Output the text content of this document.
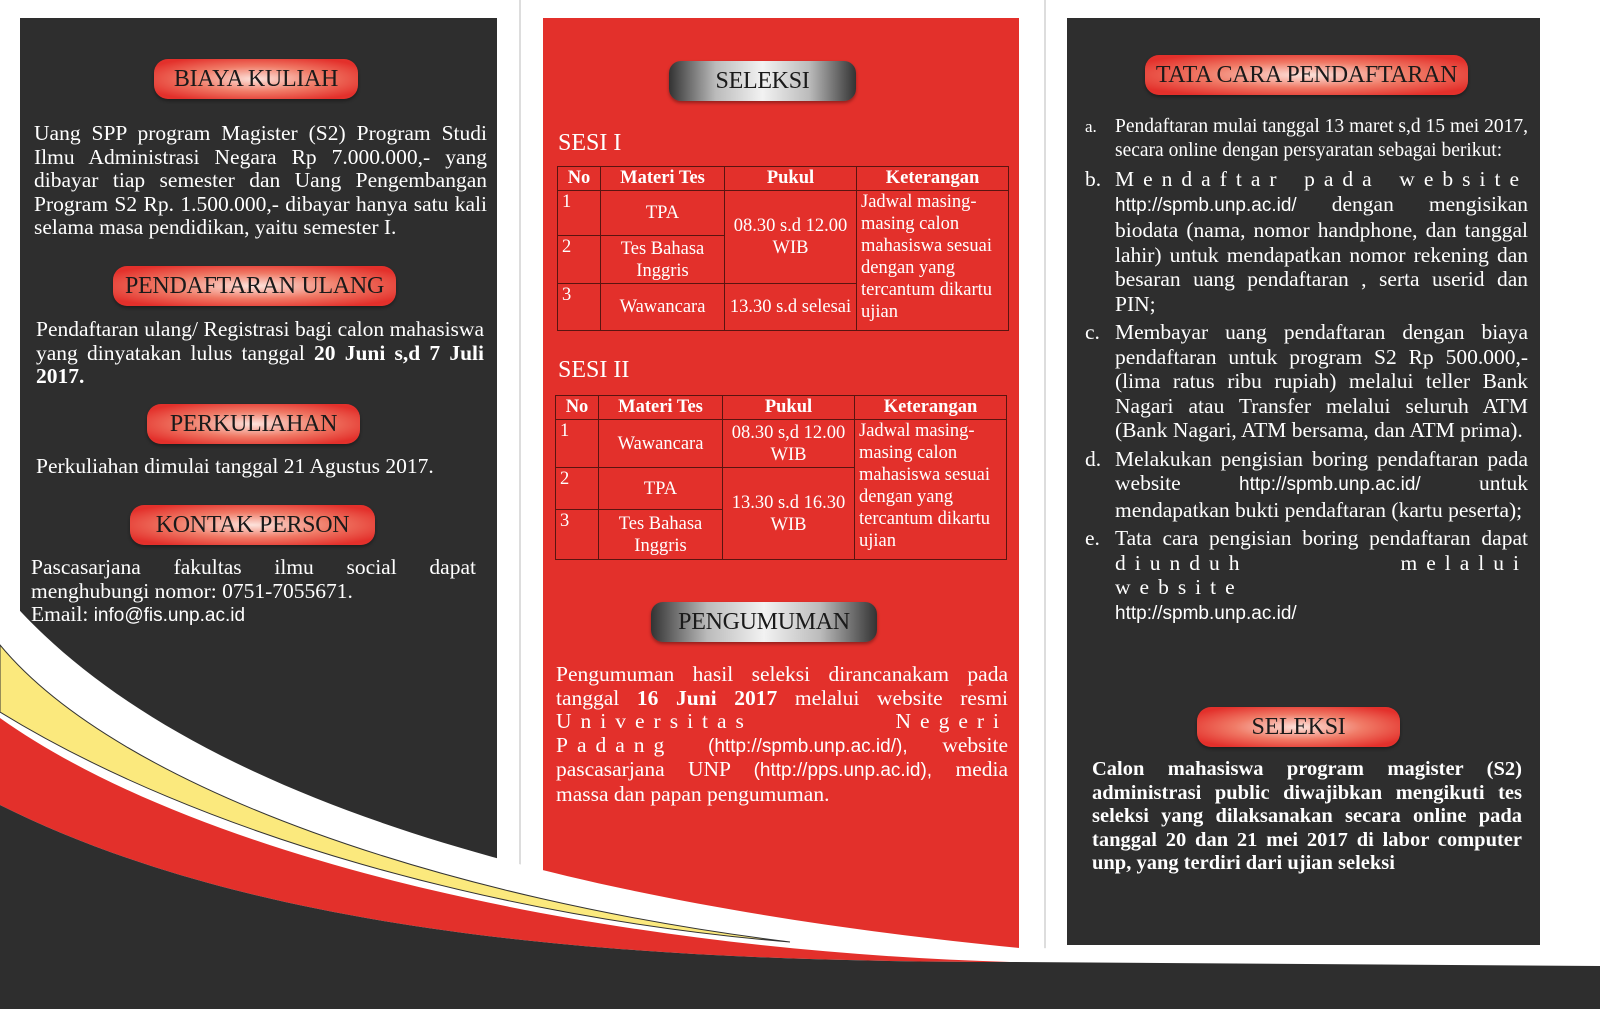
BIAYA KULIAH
Uang SPP program Magister (S2) Program Studi Ilmu Administrasi Negara Rp 7.000.000,- yang dibayar tiap semester dan Uang Pengembangan Program S2 Rp. 1.500.000,- dibayar hanya satu kali selama masa pendidikan, yaitu semester I.
PENDAFTARAN ULANG
Pendaftaran ulang/ Registrasi bagi calon mahasiswa yang dinyatakan lulus tanggal 20 Juni s,d 7 Juli 2017.
PERKULIAHAN
Perkuliahan dimulai tanggal 21 Agustus 2017.
KONTAK PERSON
Pascasarjana fakultas ilmu social dapat menghubungi nomor: 0751-7055671.
Email: info@fis.unp.ac.id
SELEKSI
SESI I
No	Materi Tes	Pukul	Keterangan
1	TPA	08.30 s.d 12.00 WIB	Jadwal masing-masing calon mahasiswa sesuai dengan yang tercantum dikartu ujian
2	Tes Bahasa Inggris		
3	Wawancara	13.30 s.d selesai	
SESI II
No	Materi Tes	Pukul	Keterangan
1	Wawancara	08.30 s,d 12.00 WIB	Jadwal masing-masing calon mahasiswa sesuai dengan yang tercantum dikartu ujian
2	TPA	13.30 s.d 16.30 WIB	
3	Tes Bahasa Inggris		
PENGUMUMAN
Pengumuman hasil seleksi dirancanakam pada tanggal 16 Juni 2017 melalui website resmi Universitas Negeri Padang (http://spmb.unp.ac.id/), website pascasarjana UNP (http://pps.unp.ac.id), media massa dan papan pengumuman.
TATA CARA PENDAFTARAN
a. Pendaftaran mulai tanggal 13 maret s,d 15 mei 2017, secara online dengan persyaratan sebagai berikut:
b. Mendaftar pada website http://spmb.unp.ac.id/ dengan mengisikan biodata (nama, nomor handphone, dan tanggal lahir) untuk mendapatkan nomor rekening dan besaran uang pendaftaran , serta userid dan PIN;
c. Membayar uang pendaftaran dengan biaya pendaftaran untuk program S2 Rp 500.000,- (lima ratus ribu rupiah) melalui teller Bank Nagari atau Transfer melalui seluruh ATM (Bank Nagari, ATM bersama, dan ATM prima).
d. Melakukan pengisian boring pendaftaran pada website	http://spmb.unp.ac.id/	untuk mendapatkan bukti pendaftaran (kartu peserta);
e. Tata cara pengisian boring pendaftaran dapat diunduh melalui website
http://spmb.unp.ac.id/
SELEKSI
Calon mahasiswa program magister (S2) administrasi public diwajibkan mengikuti tes seleksi yang dilaksanakan secara online pada tanggal 20 dan 21 mei 2017 di labor computer unp, yang terdiri dari ujian seleksi
